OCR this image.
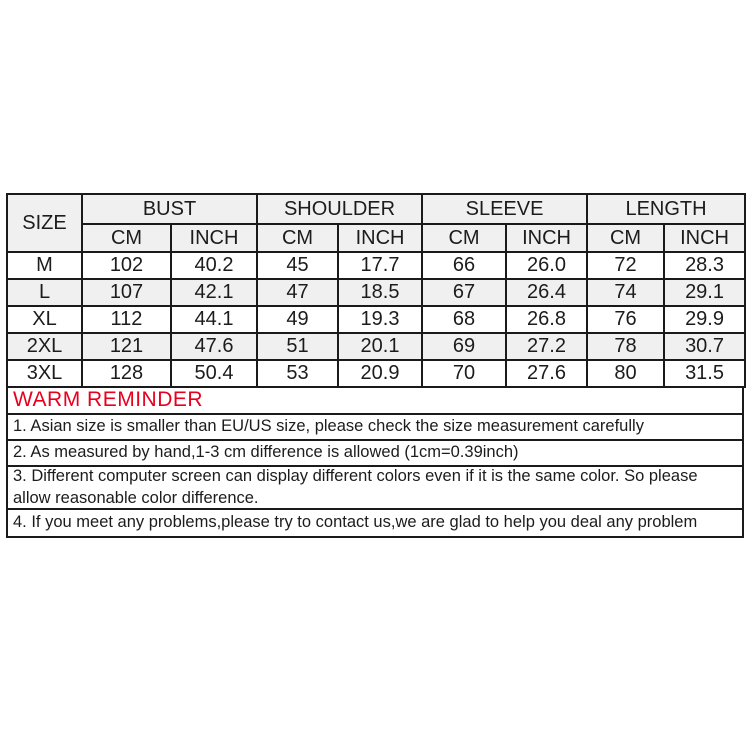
SIZE	BUST		SHOULDER		SLEEVE		LENGTH	
	CM	INCH	CM	INCH	CM	INCH	CM	INCH
M	102	40.2	45	17.7	66	26.0	72	28.3
L	107	42.1	47	18.5	67	26.4	74	29.1
XL	112	44.1	49	19.3	68	26.8	76	29.9
2XL	121	47.6	51	20.1	69	27.2	78	30.7
3XL	128	50.4	53	20.9	70	27.6	80	31.5
WARM REMINDER
1. Asian size is smaller than EU/US size, please check the size measurement carefully
2. As measured by hand,1-3 cm difference is allowed (1cm=0.39inch)
3. Different computer screen can display different colors even if it is the same color. So please allow reasonable color difference.
4. If you meet any problems,please try to contact us,we are glad to help you deal any problem
